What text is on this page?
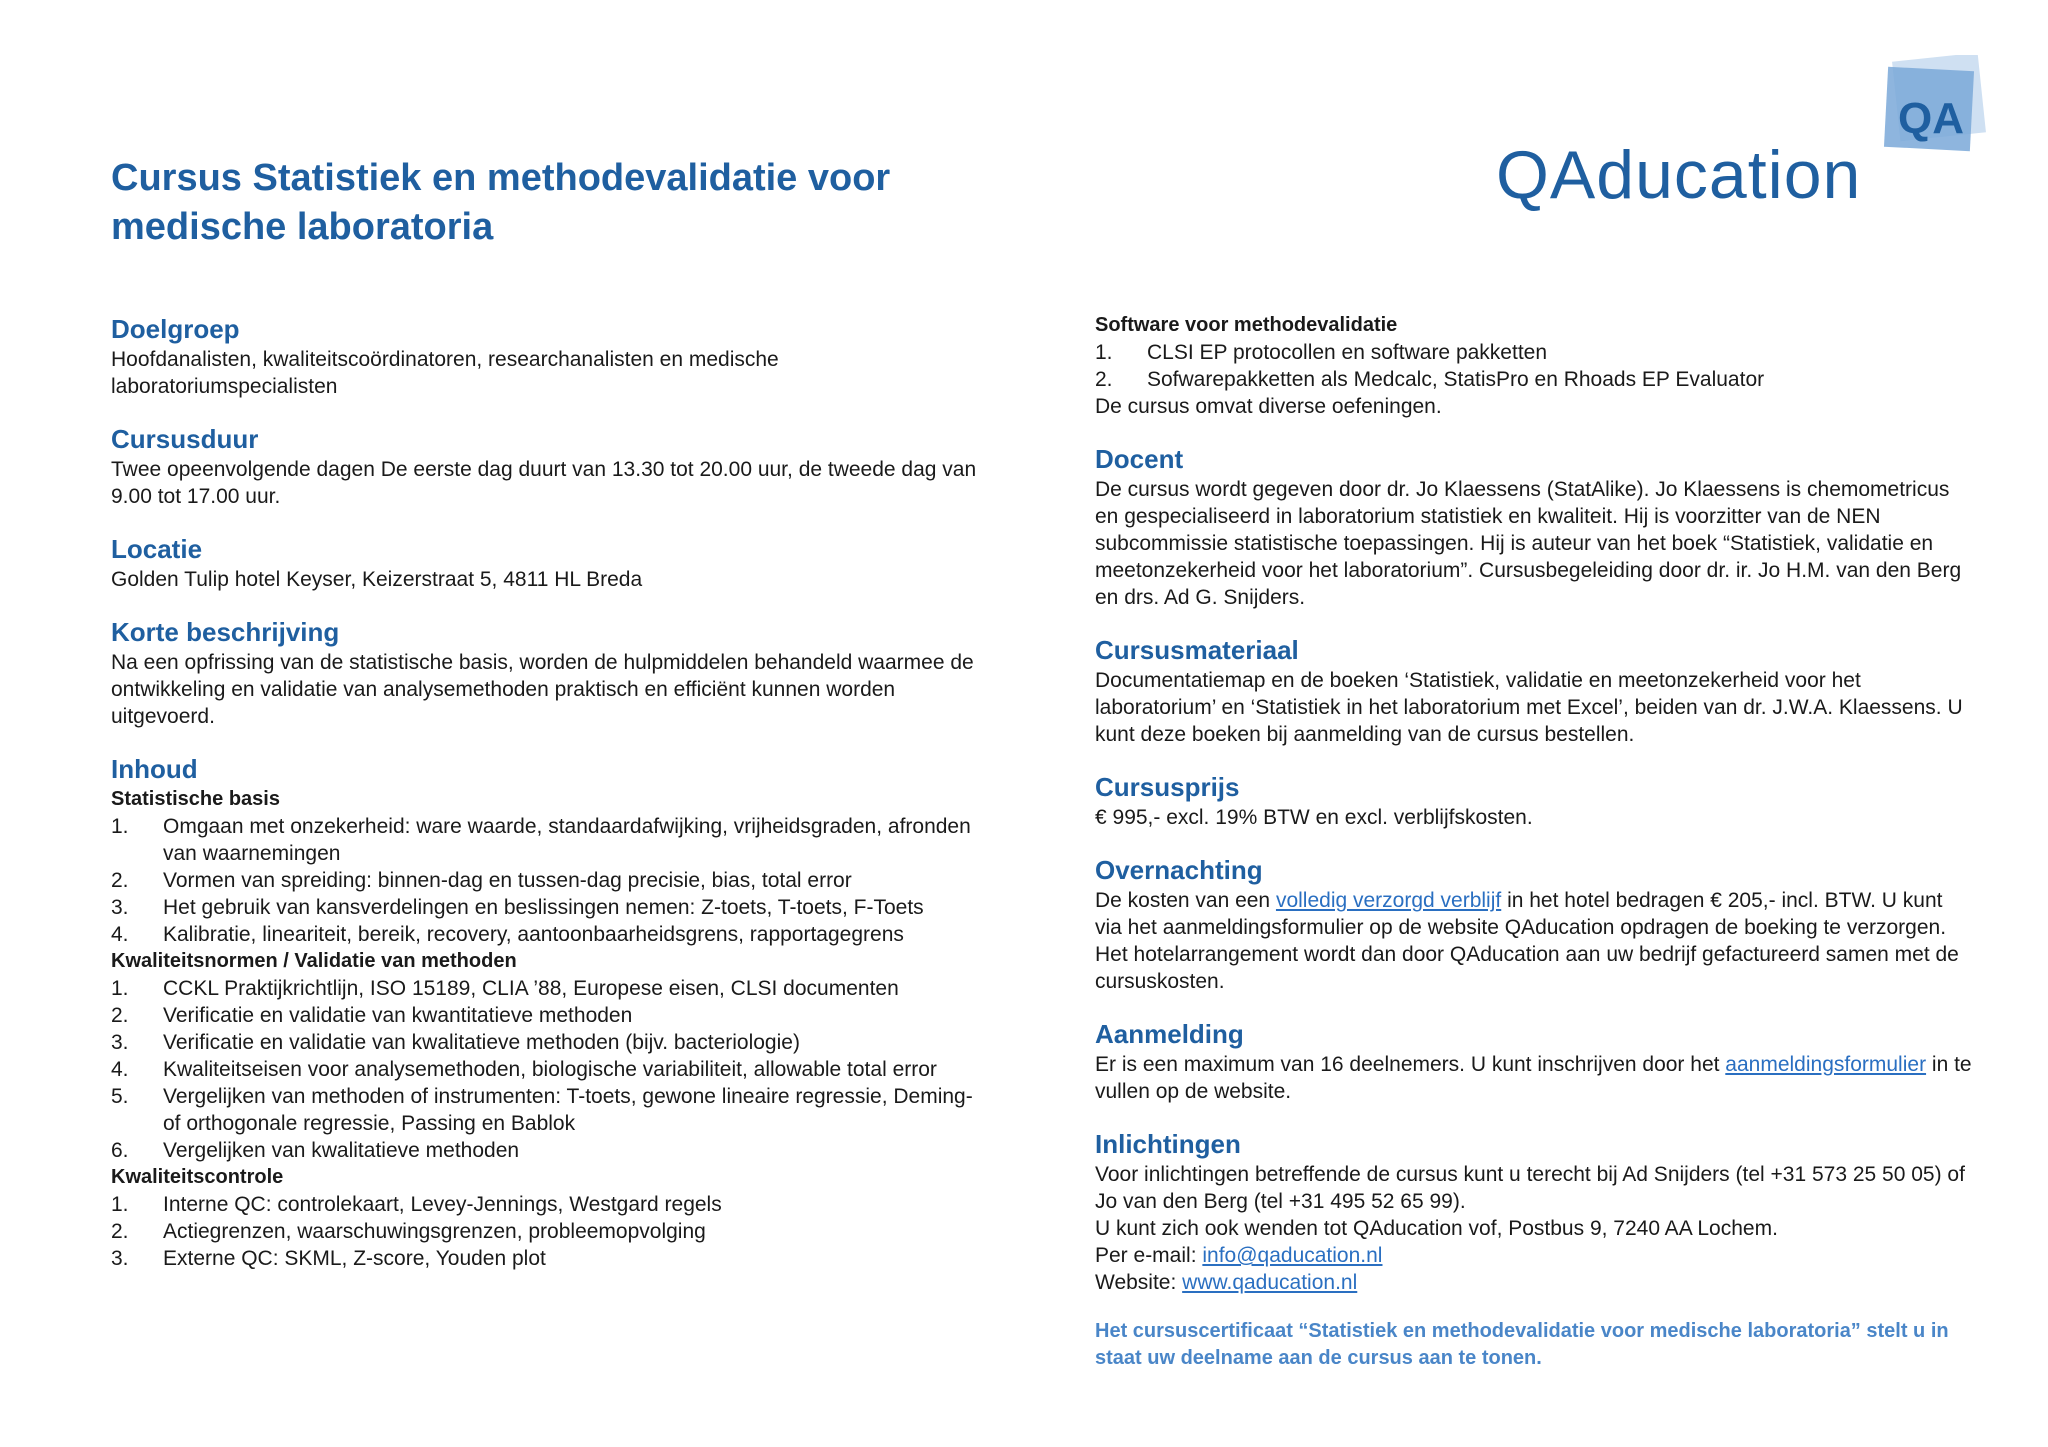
Cursus Statistiek en methodevalidatie voor medische laboratoria
QA
QAducation
Doelgroep

Hoofdanalisten, kwaliteitscoördinatoren, researchanalisten en medische laboratoriumspecialisten

Cursusduur

Twee opeenvolgende dagen De eerste dag duurt van 13.30 tot 20.00 uur, de tweede dag van 9.00 tot 17.00 uur.

Locatie

Golden Tulip hotel Keyser, Keizerstraat 5, 4811 HL Breda

Korte beschrijving

Na een opfrissing van de statistische basis, worden de hulpmiddelen behandeld waarmee de ontwikkeling en validatie van analysemethoden praktisch en efficiënt kunnen worden uitgevoerd.

Inhoud

Statistische basis

1. Omgaan met onzekerheid: ware waarde, standaardafwijking, vrijheidsgraden, afronden van waarnemingen
2. Vormen van spreiding: binnen-dag en tussen-dag precisie, bias, total error
3. Het gebruik van kansverdelingen en beslissingen nemen: Z-toets, T-toets, F-Toets
4. Kalibratie, lineariteit, bereik, recovery, aantoonbaarheidsgrens, rapportagegrens

Kwaliteitsnormen / Validatie van methoden

1. CCKL Praktijkrichtlijn, ISO 15189, CLIA ’88, Europese eisen, CLSI documenten
2. Verificatie en validatie van kwantitatieve methoden
3. Verificatie en validatie van kwalitatieve methoden (bijv. bacteriologie)
4. Kwaliteitseisen voor analysemethoden, biologische variabiliteit, allowable total error
5. Vergelijken van methoden of instrumenten: T-toets, gewone lineaire regressie, Deming- of orthogonale regressie, Passing en Bablok
6. Vergelijken van kwalitatieve methoden

Kwaliteitscontrole

1. Interne QC: controlekaart, Levey-Jennings, Westgard regels
2. Actiegrenzen, waarschuwingsgrenzen, probleemopvolging
3. Externe QC: SKML, Z-score, Youden plot

Software voor methodevalidatie

1. CLSI EP protocollen en software pakketten
2. Sofwarepakketten als Medcalc, StatisPro en Rhoads EP Evaluator

De cursus omvat diverse oefeningen.

Docent

De cursus wordt gegeven door dr. Jo Klaessens (StatAlike). Jo Klaessens is chemometricus en gespecialiseerd in laboratorium statistiek en kwaliteit. Hij is voorzitter van de NEN subcommissie statistische toepassingen. Hij is auteur van het boek “Statistiek, validatie en meetonzekerheid voor het laboratorium”. Cursusbegeleiding door dr. ir. Jo H.M. van den Berg en drs. Ad G. Snijders.

Cursusmateriaal

Documentatiemap en de boeken ‘Statistiek, validatie en meetonzekerheid voor het laboratorium’ en ‘Statistiek in het laboratorium met Excel’, beiden van dr. J.W.A. Klaessens. U kunt deze boeken bij aanmelding van de cursus bestellen.

Cursusprijs

€ 995,- excl. 19% BTW en excl. verblijfskosten.

Overnachting

De kosten van een volledig verzorgd verblijf in het hotel bedragen € 205,- incl. BTW. U kunt via het aanmeldingsformulier op de website QAducation opdragen de boeking te verzorgen. Het hotelarrangement wordt dan door QAducation aan uw bedrijf gefactureerd samen met de cursuskosten.

Aanmelding

Er is een maximum van 16 deelnemers. U kunt inschrijven door het aanmeldingsformulier in te vullen op de website.

Inlichtingen

Voor inlichtingen betreffende de cursus kunt u terecht bij Ad Snijders (tel +31 573 25 50 05) of Jo van den Berg (tel +31 495 52 65 99).

U kunt zich ook wenden tot QAducation vof, Postbus 9, 7240 AA Lochem.

Per e-mail: info@qaducation.nl

Website: www.qaducation.nl

Het cursuscertificaat “Statistiek en methodevalidatie voor medische laboratoria” stelt u in staat uw deelname aan de cursus aan te tonen.
